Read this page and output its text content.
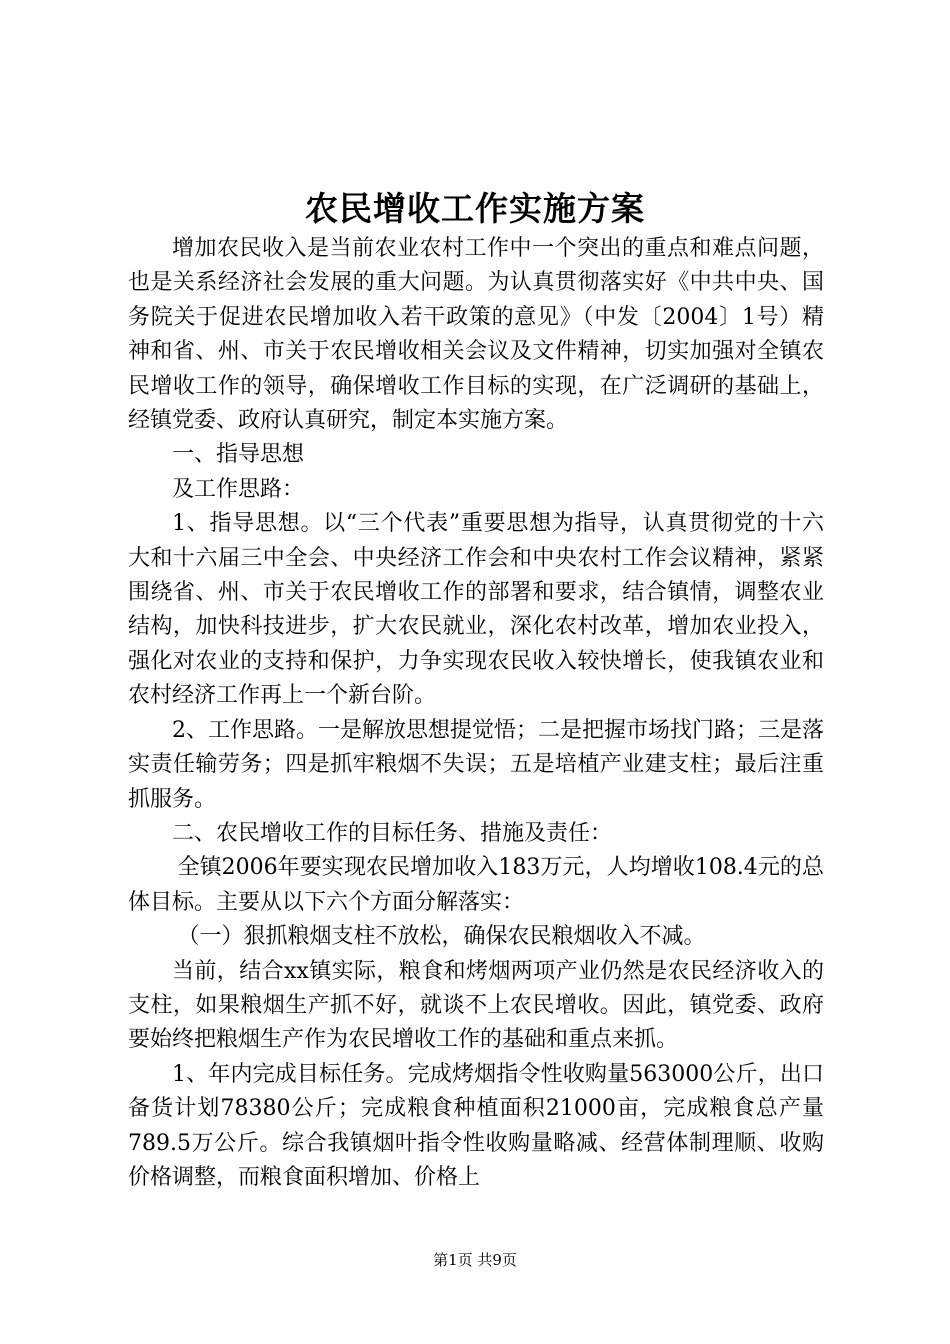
农民增收工作实施方案

增加农民收入是当前农业农村工作中一个突出的重点和难点问题，也是关系经济社会发展的重大问题。为认真贯彻落实好《中共中央、国务院关于促进农民增加收入若干政策的意见》（中发〔2004〕1号）精神和省、州、市关于农民增收相关会议及文件精神，切实加强对全镇农民增收工作的领导，确保增收工作目标的实现，在广泛调研的基础上，经镇党委、政府认真研究，制定本实施方案。

一、指导思想

及工作思路：

1、指导思想。以“三个代表”重要思想为指导，认真贯彻党的十六大和十六届三中全会、中央经济工作会和中央农村工作会议精神，紧紧围绕省、州、市关于农民增收工作的部署和要求，结合镇情，调整农业结构，加快科技进步，扩大农民就业，深化农村改革，增加农业投入，强化对农业的支持和保护，力争实现农民收入较快增长，使我镇农业和农村经济工作再上一个新台阶。

2、工作思路。一是解放思想提觉悟；二是把握市场找门路；三是落实责任输劳务；四是抓牢粮烟不失误；五是培植产业建支柱；最后注重抓服务。

二、农民增收工作的目标任务、措施及责任：

全镇2006年要实现农民增加收入183万元，人均增收108.4元的总体目标。主要从以下六个方面分解落实：

（一）狠抓粮烟支柱不放松，确保农民粮烟收入不减。

当前，结合xx镇实际，粮食和烤烟两项产业仍然是农民经济收入的支柱，如果粮烟生产抓不好，就谈不上农民增收。因此，镇党委、政府要始终把粮烟生产作为农民增收工作的基础和重点来抓。

1、年内完成目标任务。完成烤烟指令性收购量563000公斤，出口备货计划78380公斤；完成粮食种植面积21000亩，完成粮食总产量789.5万公斤。综合我镇烟叶指令性收购量略减、经营体制理顺、收购价格调整，而粮食面积增加、价格上

第1页 共9页
